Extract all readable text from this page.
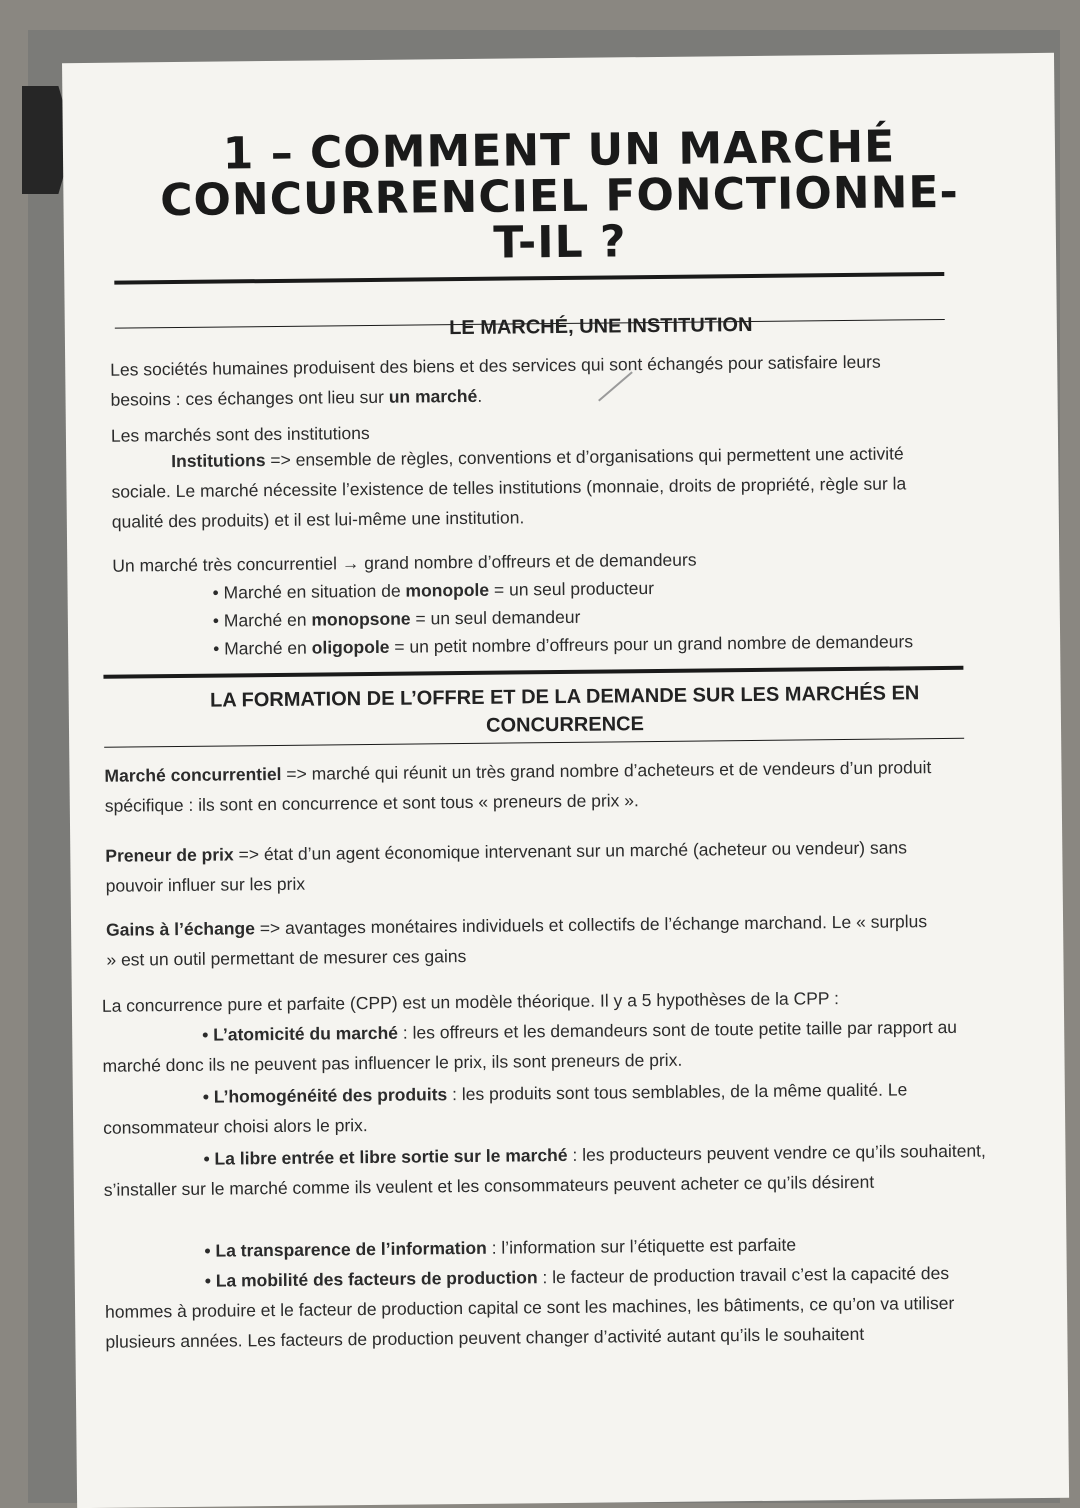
1 – COMMENT UN MARCHÉ
CONCURRENCIEL FONCTIONNE-
T-IL ?
LE MARCHÉ, UNE INSTITUTION
Les sociétés humaines produisent des biens et des services qui sont échangés pour satisfaire leurs besoins : ces échanges ont lieu sur un marché.
Les marchés sont des institutions
Institutions => ensemble de règles, conventions et d’organisations qui permettent une activité sociale. Le marché nécessite l’existence de telles institutions (monnaie, droits de propriété, règle sur la qualité des produits) et il est lui-même une institution.
Un marché très concurrentiel → grand nombre d’offreurs et de demandeurs
• Marché en situation de monopole = un seul producteur
• Marché en monopsone = un seul demandeur
• Marché en oligopole = un petit nombre d’offreurs pour un grand nombre de demandeurs
LA FORMATION DE L’OFFRE ET DE LA DEMANDE SUR LES MARCHÉS EN
CONCURRENCE
Marché concurrentiel => marché qui réunit un très grand nombre d’acheteurs et de vendeurs d’un produit spécifique : ils sont en concurrence et sont tous « preneurs de prix ».
Preneur de prix => état d’un agent économique intervenant sur un marché (acheteur ou vendeur) sans pouvoir influer sur les prix
Gains à l’échange => avantages monétaires individuels et collectifs de l’échange marchand. Le « surplus » est un outil permettant de mesurer ces gains
La concurrence pure et parfaite (CPP) est un modèle théorique. Il y a 5 hypothèses de la CPP :
• L’atomicité du marché : les offreurs et les demandeurs sont de toute petite taille par rapport au marché donc ils ne peuvent pas influencer le prix, ils sont preneurs de prix.
• L’homogénéité des produits : les produits sont tous semblables, de la même qualité. Le consommateur choisi alors le prix.
• La libre entrée et libre sortie sur le marché : les producteurs peuvent vendre ce qu’ils souhaitent, s’installer sur le marché comme ils veulent et les consommateurs peuvent acheter ce qu’ils désirent
• La transparence de l’information : l’information sur l’étiquette est parfaite
• La mobilité des facteurs de production : le facteur de production travail c’est la capacité des hommes à produire et le facteur de production capital ce sont les machines, les bâtiments, ce qu’on va utiliser plusieurs années. Les facteurs de production peuvent changer d’activité autant qu’ils le souhaitent
